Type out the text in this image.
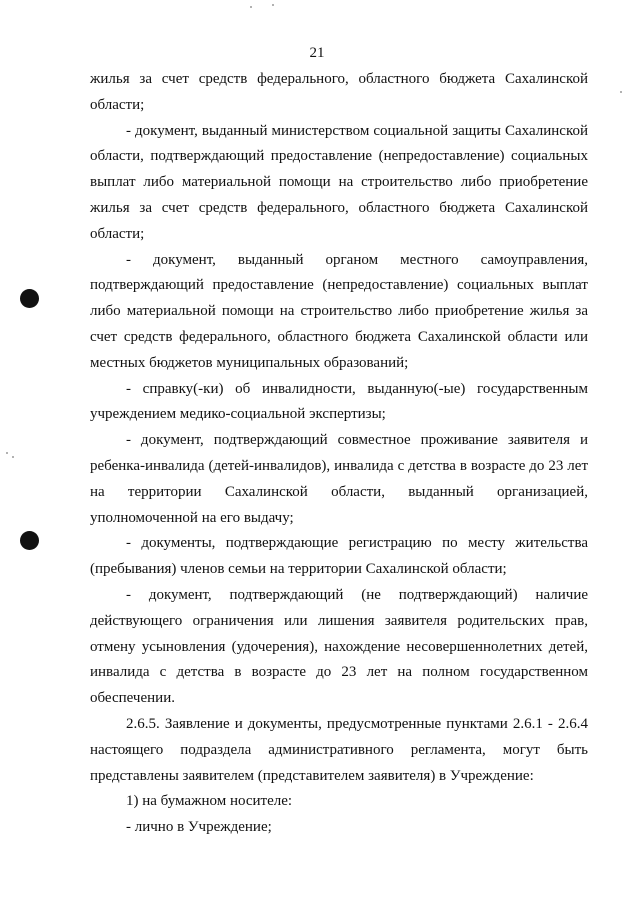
21

жилья за счет средств федерального, областного бюджета Сахалинской области;

- документ, выданный министерством социальной защиты Сахалинской области, подтверждающий предоставление (непредоставление) социальных выплат либо материальной помощи на строительство либо приобретение жилья за счет средств федерального, областного бюджета Сахалинской области;

- документ, выданный органом местного самоуправления, подтверждающий предоставление (непредоставление) социальных выплат либо материальной помощи на строительство либо приобретение жилья за счет средств федерального, областного бюджета Сахалинской области или местных бюджетов муниципальных образований;

- справку(-ки) об инвалидности, выданную(-ые) государственным учреждением медико-социальной экспертизы;

- документ, подтверждающий совместное проживание заявителя и ребенка-инвалида (детей-инвалидов), инвалида с детства в возрасте до 23 лет на территории Сахалинской области, выданный организацией, уполномоченной на его выдачу;

- документы, подтверждающие регистрацию по месту жительства (пребывания) членов семьи на территории Сахалинской области;

- документ, подтверждающий (не подтверждающий) наличие действующего ограничения или лишения заявителя родительских прав, отмену усыновления (удочерения), нахождение несовершеннолетних детей, инвалида с детства в возрасте до 23 лет на полном государственном обеспечении.

2.6.5. Заявление и документы, предусмотренные пунктами 2.6.1 - 2.6.4 настоящего подраздела административного регламента, могут быть представлены заявителем (представителем заявителя) в Учреждение:

1) на бумажном носителе:

- лично в Учреждение;
